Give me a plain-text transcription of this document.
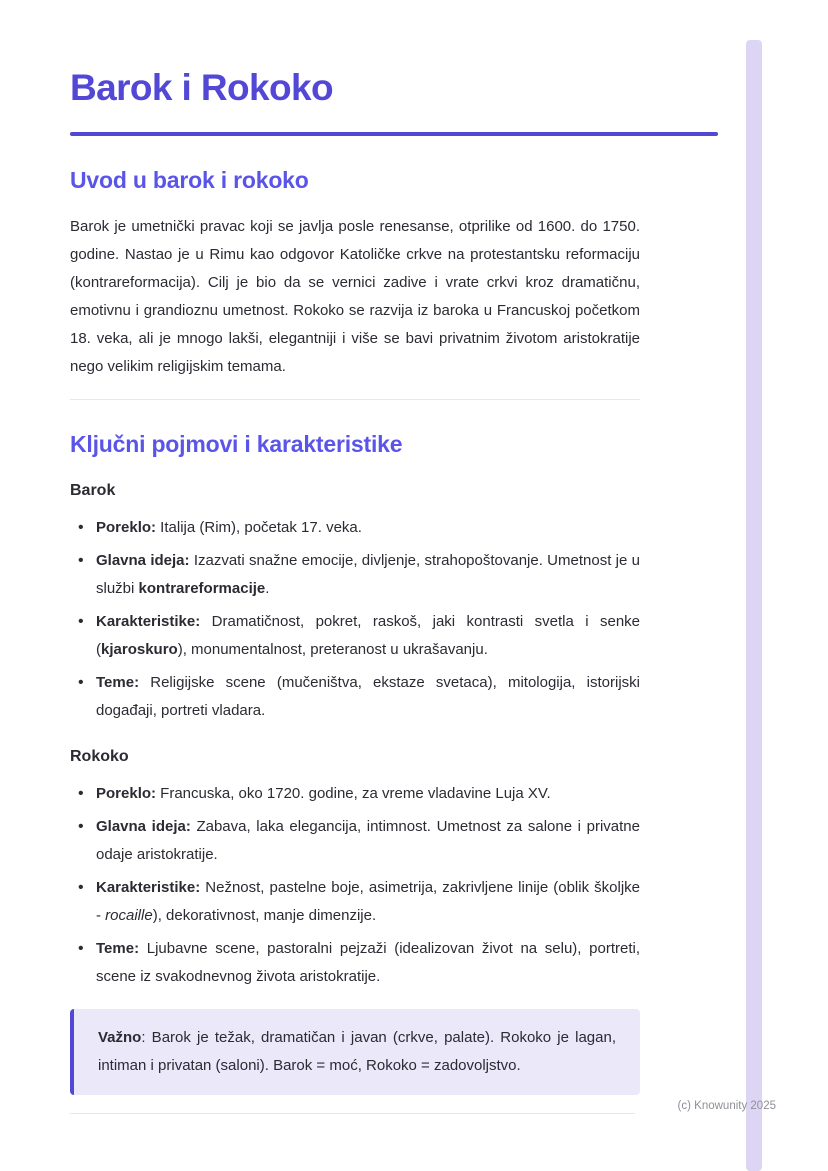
Barok i Rokoko
Uvod u barok i rokoko

Barok je umetnički pravac koji se javlja posle renesanse, otprilike od 1600. do 1750. godine. Nastao je u Rimu kao odgovor Katoličke crkve na protestantsku reformaciju (kontrareformacija). Cilj je bio da se vernici zadive i vrate crkvi kroz dramatičnu, emotivnu i grandioznu umetnost. Rokoko se razvija iz baroka u Francuskoj početkom 18. veka, ali je mnogo lakši, elegantniji i više se bavi privatnim životom aristokratije nego velikim religijskim temama.

Ključni pojmovi i karakteristike
Barok
• Poreklo: Italija (Rim), početak 17. veka.
• Glavna ideja: Izazvati snažne emocije, divljenje, strahopoštovanje. Umetnost je u službi kontrareformacije.
• Karakteristike: Dramatičnost, pokret, raskoš, jaki kontrasti svetla i senke (kjaroskuro), monumentalnost, preteranost u ukrašavanju.
• Teme: Religijske scene (mučeništva, ekstaze svetaca), mitologija, istorijski događaji, portreti vladara.
Rokoko
• Poreklo: Francuska, oko 1720. godine, za vreme vladavine Luja XV.
• Glavna ideja: Zabava, laka elegancija, intimnost. Umetnost za salone i privatne odaje aristokratije.
• Karakteristike: Nežnost, pastelne boje, asimetrija, zakrivljene linije (oblik školjke - rocaille), dekorativnost, manje dimenzije.
• Teme: Ljubavne scene, pastoralni pejzaži (idealizovan život na selu), portreti, scene iz svakodnevnog života aristokratije.

Važno: Barok je težak, dramatičan i javan (crkve, palate). Rokoko je lagan, intiman i privatan (saloni). Barok = moć, Rokoko = zadovoljstvo.

(c) Knowunity 2025
